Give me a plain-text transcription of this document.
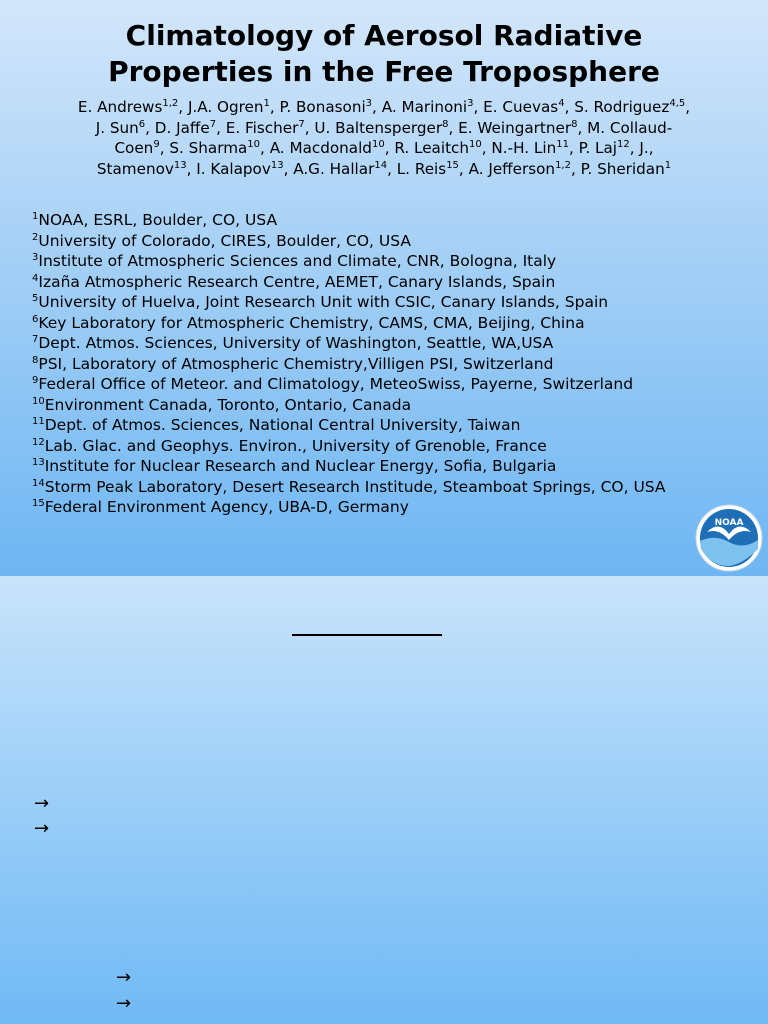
Climatology of Aerosol Radiative
Properties in the Free Troposphere
E. Andrews$^{1,2}$, J.A. Ogren$^1$, P. Bonasoni$^3$, A. Marinoni$^3$, E. Cuevas$^4$, S. Rodriguez$^{4,5}$,
J. Sun$^6$, D. Jaffe$^7$, E. Fischer$^7$, U. Baltensperger$^8$, E. Weingartner$^8$, M. Collaud-
Coen$^9$, S. Sharma$^{10}$, A. Macdonald$^{10}$, R. Leaitch$^{10}$, N.-H. Lin$^{11}$, P. Laj$^{12}$, J.,
Stamenov$^{13}$, I. Kalapov$^{13}$, A.G. Hallar$^{14}$, L. Reis$^{15}$, A. Jefferson$^{1,2}$, P. Sheridan$^1$
$^1$NOAA, ESRL, Boulder, CO, USA
$^2$University of Colorado, CIRES, Boulder, CO, USA
$^3$Institute of Atmospheric Sciences and Climate, CNR, Bologna, Italy
$^4$Izaña Atmospheric Research Centre, AEMET, Canary Islands, Spain
$^5$University of Huelva, Joint Research Unit with CSIC, Canary Islands, Spain
$^6$Key Laboratory for Atmospheric Chemistry, CAMS, CMA, Beijing, China
$^7$Dept. Atmos. Sciences, University of Washington, Seattle, WA,USA
$^8$PSI, Laboratory of Atmospheric Chemistry,Villigen PSI, Switzerland
$^9$Federal Office of Meteor. and Climatology, MeteoSwiss, Payerne, Switzerland
$^{10}$Environment Canada, Toronto, Ontario, Canada
$^{11}$Dept. of Atmos. Sciences, National Central University, Taiwan
$^{12}$Lab. Glac. and Geophys. Environ., University of Grenoble, France
$^{13}$Institute for Nuclear Research and Nuclear Energy, Sofia, Bulgaria
$^{14}$Storm Peak Laboratory, Desert Research Institude, Steamboat Springs, CO, USA
$^{15}$Federal Environment Agency, UBA-D, Germany
NOAA
→
→
→
→
